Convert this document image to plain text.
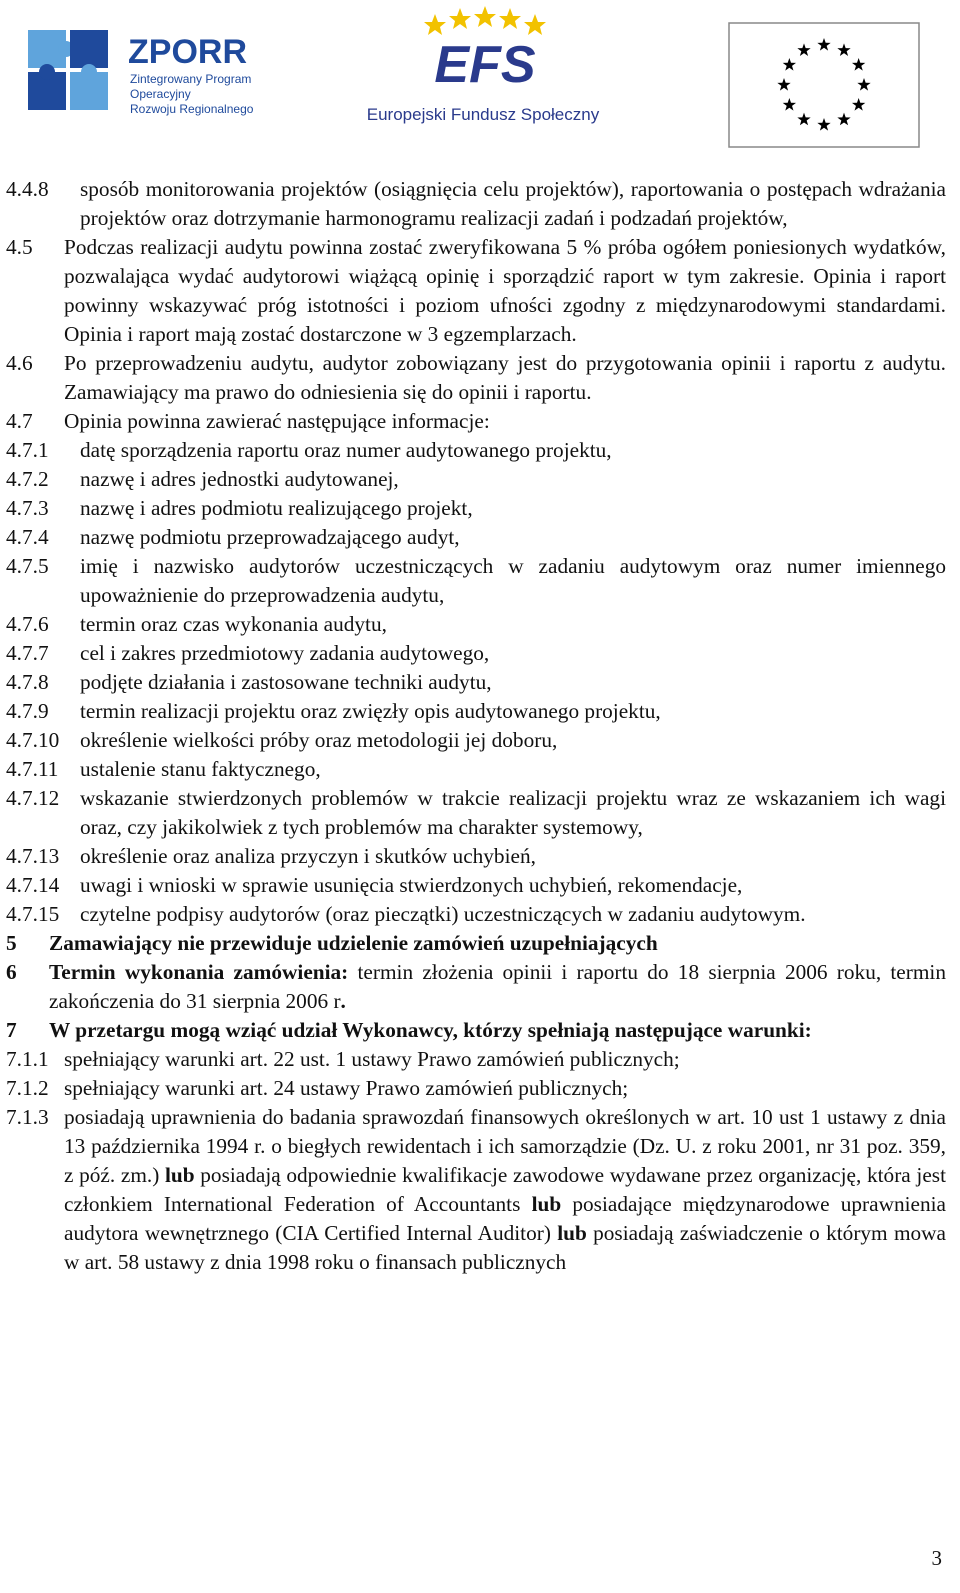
ZPORR
Zintegrowany Program
Operacyjny
Rozwoju Regionalnego
EFS
Europejski Fundusz Społeczny
4.4.8 sposób monitorowania projektów (osiągnięcia celu projektów), raportowania o postępach wdrażania projektów oraz dotrzymanie harmonogramu realizacji zadań i podzadań projektów,
4.5 Podczas realizacji audytu powinna zostać zweryfikowana 5 % próba ogółem poniesionych wydatków, pozwalająca wydać audytorowi wiążącą opinię i sporządzić raport w tym zakresie. Opinia i raport powinny wskazywać próg istotności i poziom ufności zgodny z międzynarodowymi standardami. Opinia i raport mają zostać dostarczone w 3 egzemplarzach.
4.6 Po przeprowadzeniu audytu, audytor zobowiązany jest do przygotowania opinii i raportu z audytu. Zamawiający ma prawo do odniesienia się do opinii i raportu.
4.7 Opinia powinna zawierać następujące informacje:
4.7.1 datę sporządzenia raportu oraz numer audytowanego projektu,
4.7.2 nazwę i adres jednostki audytowanej,
4.7.3 nazwę i adres podmiotu realizującego projekt,
4.7.4 nazwę podmiotu przeprowadzającego audyt,
4.7.5 imię i nazwisko audytorów uczestniczących w zadaniu audytowym oraz numer imiennego upoważnienie do przeprowadzenia audytu,
4.7.6 termin oraz czas wykonania audytu,
4.7.7 cel i zakres przedmiotowy zadania audytowego,
4.7.8 podjęte działania i zastosowane techniki audytu,
4.7.9 termin realizacji projektu oraz zwięzły opis audytowanego projektu,
4.7.10 określenie wielkości próby oraz metodologii jej doboru,
4.7.11 ustalenie stanu faktycznego,
4.7.12 wskazanie stwierdzonych problemów w trakcie realizacji projektu wraz ze wskazaniem ich wagi oraz, czy jakikolwiek z tych problemów ma charakter systemowy,
4.7.13 określenie oraz analiza przyczyn i skutków uchybień,
4.7.14 uwagi i wnioski w sprawie usunięcia stwierdzonych uchybień, rekomendacje,
4.7.15 czytelne podpisy audytorów (oraz pieczątki) uczestniczących w zadaniu audytowym.
5 Zamawiający nie przewiduje udzielenie zamówień uzupełniających
6 Termin wykonania zamówienia: termin złożenia opinii i raportu do 18 sierpnia 2006 roku, termin zakończenia do 31 sierpnia 2006 r.
7 W przetargu mogą wziąć udział Wykonawcy, którzy spełniają następujące warunki:
7.1.1 spełniający warunki art. 22 ust. 1 ustawy Prawo zamówień publicznych;
7.1.2 spełniający warunki art. 24 ustawy Prawo zamówień publicznych;
7.1.3 posiadają uprawnienia do badania sprawozdań finansowych określonych w art. 10 ust 1 ustawy z dnia 13 października 1994 r. o biegłych rewidentach i ich samorządzie (Dz. U. z roku 2001, nr 31 poz. 359, z póź. zm.) lub posiadają odpowiednie kwalifikacje zawodowe wydawane przez organizację, która jest członkiem International Federation of Accountants lub posiadające międzynarodowe uprawnienia audytora wewnętrznego (CIA Certified Internal Auditor) lub posiadają zaświadczenie o którym mowa w art. 58 ustawy z dnia 1998 roku o finansach publicznych
3
